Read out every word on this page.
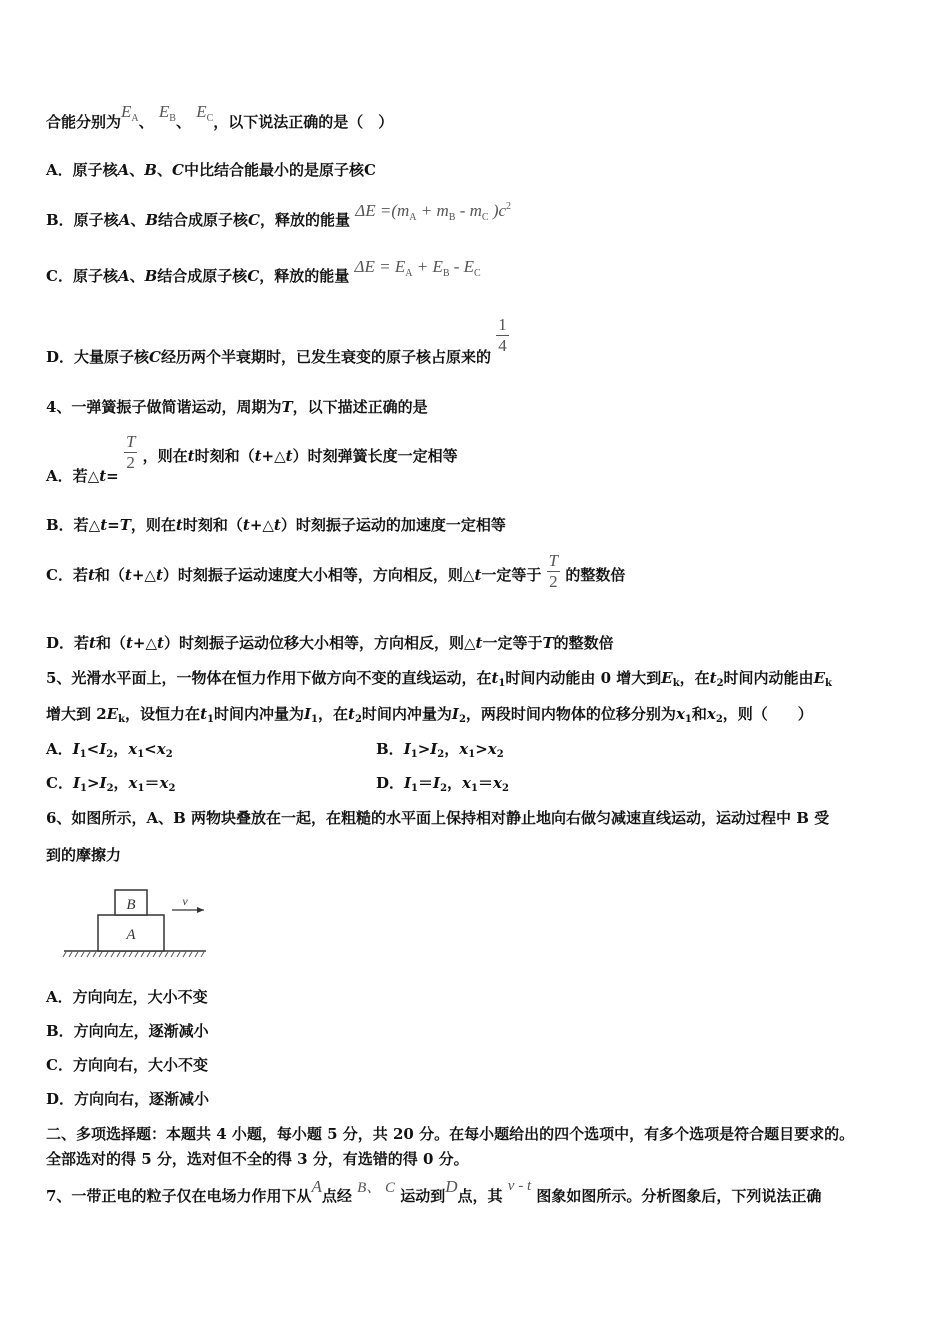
合能分别为$E_A$、 $E_B$、 $E_C$，以下说法正确的是（　）
A．原子核A、B、C中比结合能最小的是原子核C
B．原子核A、B结合成原子核C，释放的能量 $\Delta E =(m_A + m_B - m_C$ )$c^2$
C．原子核A、B结合成原子核C，释放的能量 $\Delta E = E_A + E_B - E_C$
D．大量原子核C经历两个半衰期时，已发生衰变的原子核占原来的
$\frac{1}{4}$
4、一弹簧振子做简谐运动，周期为T，以下描述正确的是
A．若△t=
$\frac{T}{2}$ ，则在t时刻和（t+△t）时刻弹簧长度一定相等
B．若△t=T，则在t时刻和（t+△t）时刻振子运动的加速度一定相等
C．若t和（t+△t）时刻振子运动速度大小相等，方向相反，则△t一定等于 $\frac{T}{2}$ 的整数倍
D．若t和（t+△t）时刻振子运动位移大小相等，方向相反，则△t一定等于T的整数倍
5、光滑水平面上，一物体在恒力作用下做方向不变的直线运动，在$t_1$时间内动能由 0 增大到$E_k$，在$t_2$时间内动能由$E_k$
增大到 $2E_k$，设恒力在$t_1$时间内冲量为$I_1$，在$t_2$时间内冲量为$I_2$，两段时间内物体的位移分别为$x_1$和$x_2$，则（　　）
A．$I_1<I_2$，$x_1<x_2$	B．$I_1>I_2$，$x_1>x_2$
C．$I_1>I_2$，$x_1=x_2$	D．$I_1=I_2$，$x_1=x_2$
6、如图所示，A、B 两物块叠放在一起，在粗糙的水平面上保持相对静止地向右做匀减速直线运动，运动过程中 B 受
到的摩擦力
B
A
v
A．方向向左，大小不变
B．方向向左，逐渐减小
C．方向向右，大小不变
D．方向向右，逐渐减小
二、多项选择题：本题共 4 小题，每小题 5 分，共 20 分。在每小题给出的四个选项中，有多个选项是符合题目要求的。
全部选对的得 5 分，选对但不全的得 3 分，有选错的得 0 分。
7、一带正电的粒子仅在电场力作用下从A点经 B、 C 运动到D点，其 v - t 图象如图所示。分析图象后，下列说法正确
